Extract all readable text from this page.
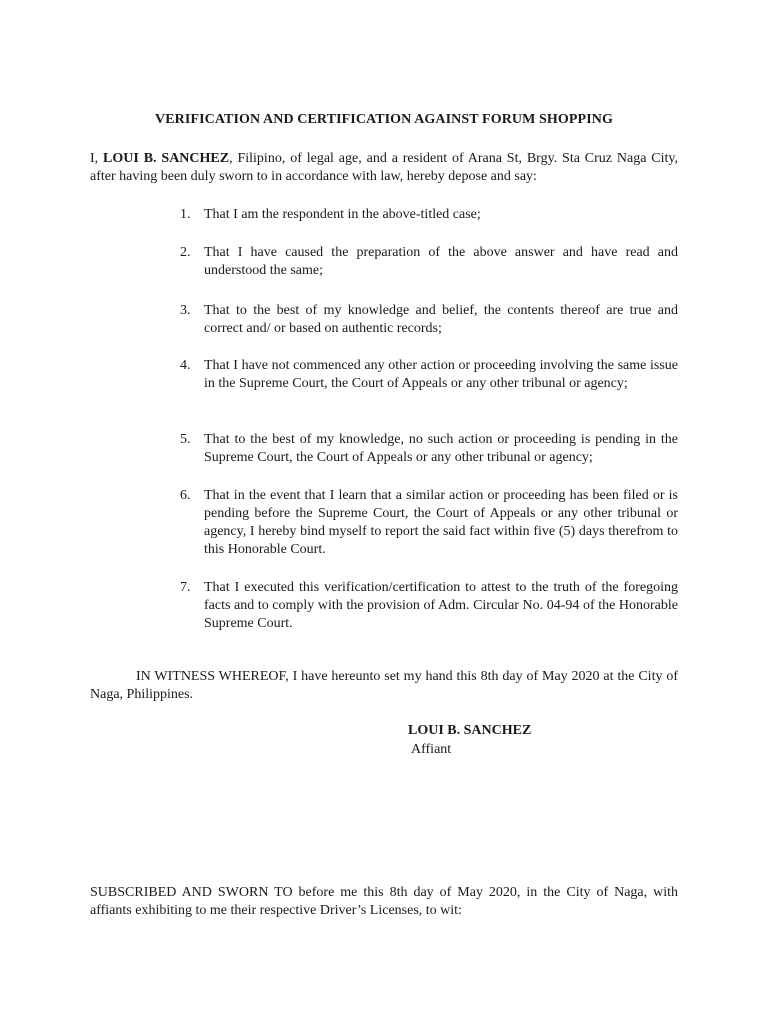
VERIFICATION AND CERTIFICATION AGAINST FORUM SHOPPING
I, LOUI B. SANCHEZ, Filipino, of legal age, and a resident of Arana St, Brgy. Sta Cruz Naga City, after having been duly sworn to in accordance with law, hereby depose and say:
1. That I am the respondent in the above-titled case;
2. That I have caused the preparation of the above answer and have read and understood the same;
3. That to the best of my knowledge and belief, the contents thereof are true and correct and/ or based on authentic records;
4. That I have not commenced any other action or proceeding involving the same issue in the Supreme Court, the Court of Appeals or any other tribunal or agency;
5. That to the best of my knowledge, no such action or proceeding is pending in the Supreme Court, the Court of Appeals or any other tribunal or agency;
6. That in the event that I learn that a similar action or proceeding has been filed or is pending before the Supreme Court, the Court of Appeals or any other tribunal or agency, I hereby bind myself to report the said fact within five (5) days therefrom to this Honorable Court.
7. That I executed this verification/certification to attest to the truth of the foregoing facts and to comply with the provision of Adm. Circular No. 04-94 of the Honorable Supreme Court.
IN WITNESS WHEREOF, I have hereunto set my hand this 8th day of May 2020 at the City of Naga, Philippines.
LOUI B. SANCHEZ
Affiant
SUBSCRIBED AND SWORN TO before me this 8th day of May 2020, in the City of Naga, with affiants exhibiting to me their respective Driver’s Licenses, to wit:
